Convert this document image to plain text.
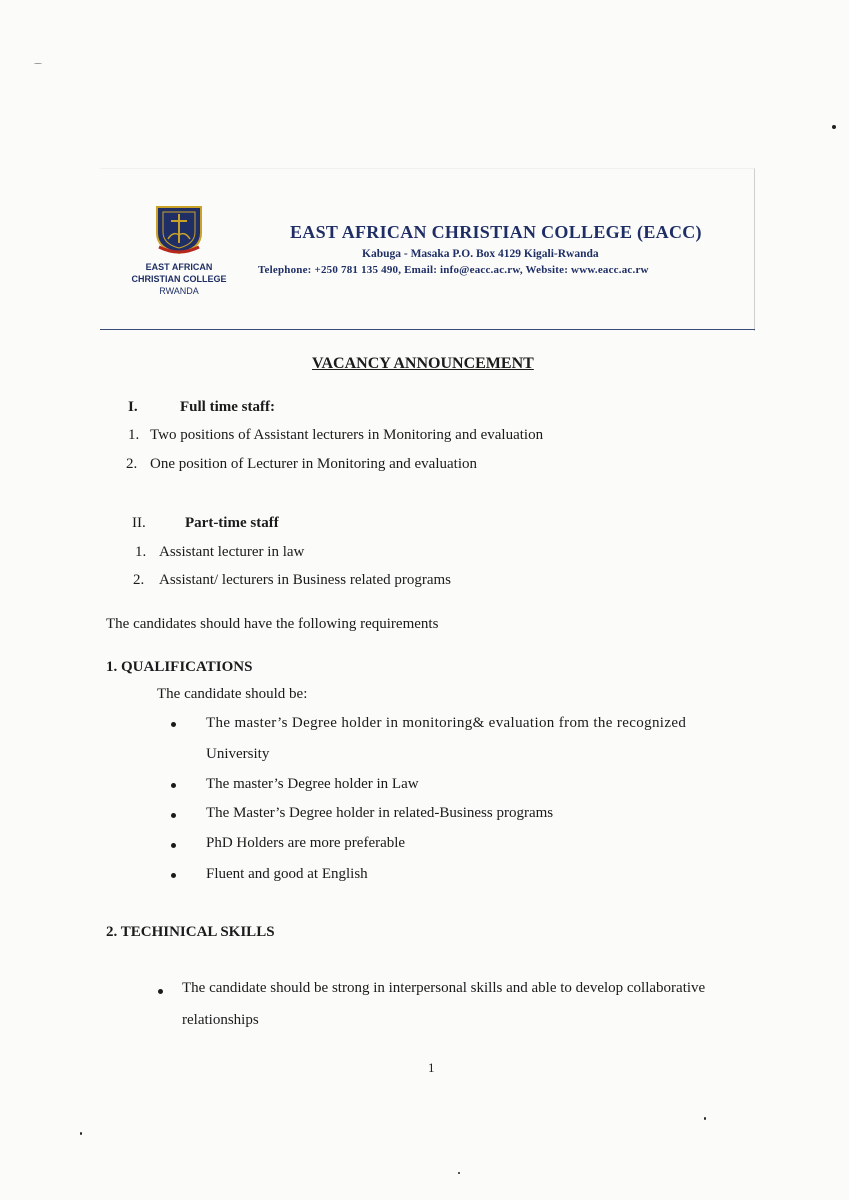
EAST AFRICAN
CHRISTIAN COLLEGE
RWANDA
EAST AFRICAN CHRISTIAN COLLEGE (EACC)
Kabuga - Masaka P.O. Box 4129 Kigali-Rwanda
Telephone: +250 781 135 490, Email: info@eacc.ac.rw, Website: www.eacc.ac.rw
VACANCY ANNOUNCEMENT
I.	Full time staff:
1. Two positions of Assistant lecturers in Monitoring and evaluation
2. One position of Lecturer in Monitoring and evaluation
II.	Part-time staff
1. Assistant lecturer in law
2. Assistant/ lecturers in Business related programs
The candidates should have the following requirements
1. QUALIFICATIONS
The candidate should be:
The master’s Degree holder in monitoring& evaluation from the recognized
University
The master’s Degree holder in Law
The Master’s Degree holder in related-Business programs
PhD Holders are more preferable
Fluent and good at English
2. TECHINICAL SKILLS
The candidate should be strong in interpersonal skills and able to develop collaborative
relationships
1
